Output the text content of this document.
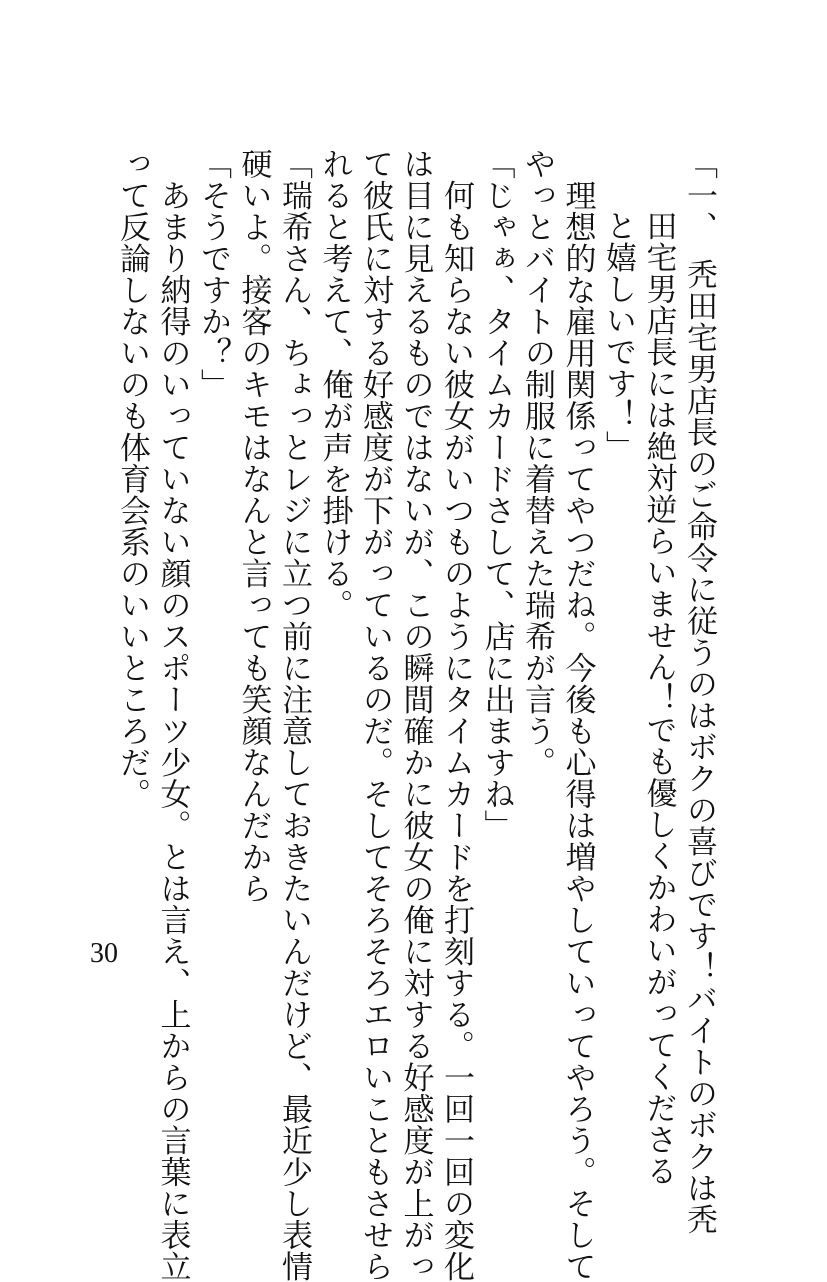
「一、　秃田宅男店長のご命令に従うのはボクの喜びです！バイトのボクは秃
田宅男店長には絶対逆らいません！でも優しくかわいがってくださる
と嬉しいです！」
　理想的な雇用関係ってやつだね。今後も心得は増やしていってやろう。そして
やっとバイトの制服に着替えた瑞希が言う。
「じゃぁ、タイムカードさして、店に出ますね」
　何も知らない彼女がいつものようにタイムカードを打刻する。一回一回の変化
は目に見えるものではないが、この瞬間確かに彼女の俺に対する好感度が上がっ
て彼氏に対する好感度が下がっているのだ。そしてそろそろエロいこともさせら
れると考えて、俺が声を掛ける。
「瑞希さん、ちょっとレジに立つ前に注意しておきたいんだけど、最近少し表情
硬いよ。接客のキモはなんと言っても笑顔なんだから
「そうですか？」
　あまり納得のいっていない顔のスポーツ少女。とは言え、上からの言葉に表立
って反論しないのも体育会系のいいところだ。
30
